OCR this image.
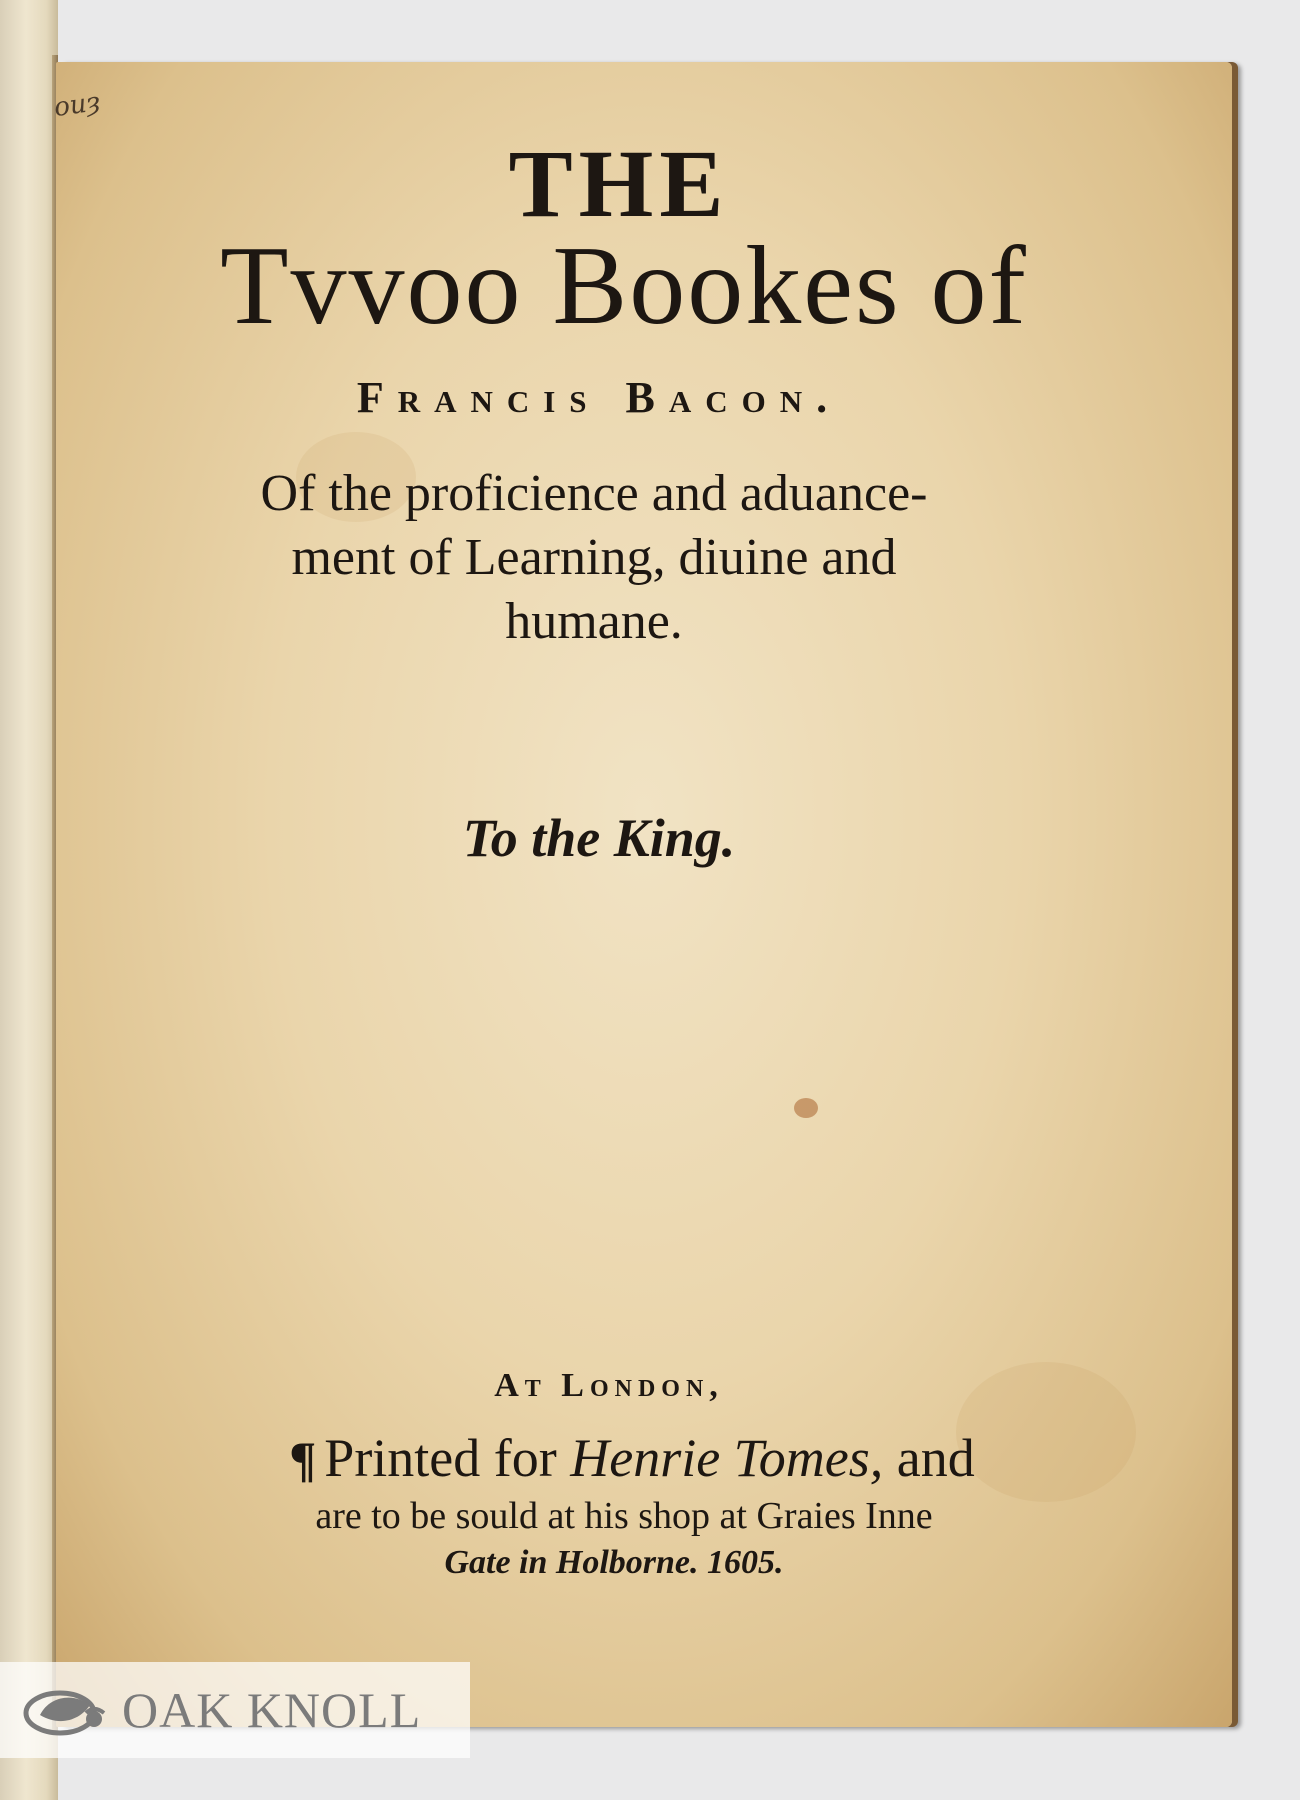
ouȝ
THE
Tvvoo Bookes of
Francis Bacon.
Of the proficience and aduance-
ment of Learning, diuine and
humane.
To the King.
At London,
¶ Printed for Henrie Tomes, and
are to be sould at his shop at Graies Inne
Gate in Holborne. 1605.
OAK KNOLL
